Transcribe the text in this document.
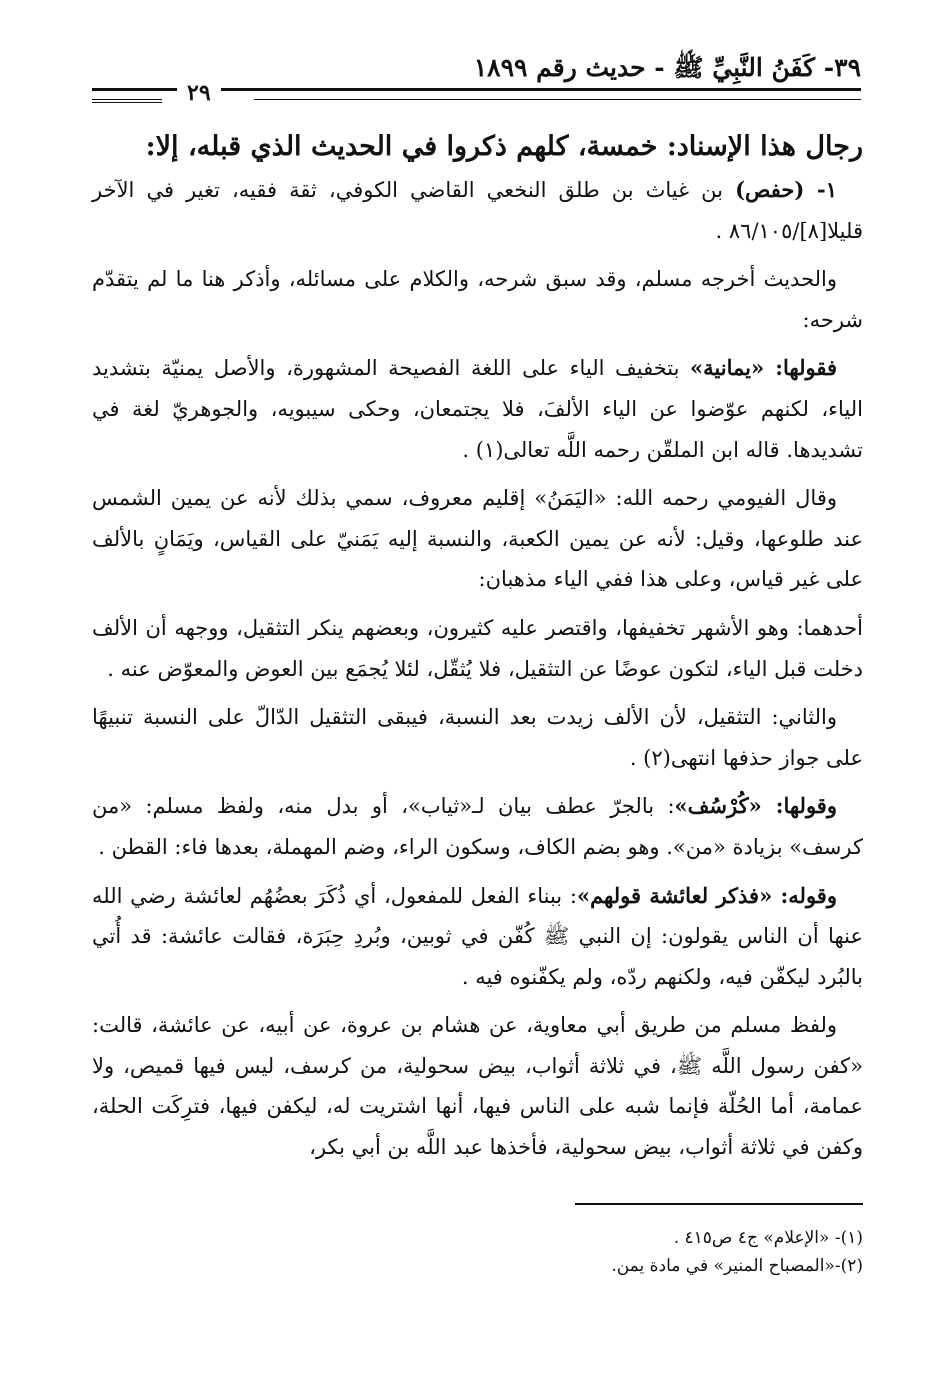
٣٩- كَفَنُ النَّبِيِّ ﷺ - حديث رقم ١٨٩٩
٢٩

رجال هذا الإسناد: خمسة، كلهم ذكروا في الحديث الذي قبله، إلا:

١- (حفص) بن غياث بن طلق النخعي القاضي الكوفي، ثقة فقيه، تغير في الآخر قليلا[٨]/٨٦/١٠٥ .

والحديث أخرجه مسلم، وقد سبق شرحه، والكلام على مسائله، وأذكر هنا ما لم يتقدّم شرحه:

فقولها: «يمانية» بتخفيف الياء على اللغة الفصيحة المشهورة، والأصل يمنيّة بتشديد الياء، لكنهم عوّضوا عن الياء الألفَ، فلا يجتمعان، وحكى سيبويه، والجوهريّ لغة في تشديدها. قاله ابن الملقّن رحمه اللَّه تعالى(١) .

وقال الفيومي رحمه الله: «اليَمَنُ» إقليم معروف، سمي بذلك لأنه عن يمين الشمس عند طلوعها، وقيل: لأنه عن يمين الكعبة، والنسبة إليه يَمَنيّ على القياس، ويَمَانٍ بالألف على غير قياس، وعلى هذا ففي الياء مذهبان:

أحدهما: وهو الأشهر تخفيفها، واقتصر عليه كثيرون، وبعضهم ينكر التثقيل، ووجهه أن الألف دخلت قبل الياء، لتكون عوضًا عن التثقيل، فلا يُثقّل، لئلا يُجمَع بين العوض والمعوّض عنه .

والثاني: التثقيل، لأن الألف زيدت بعد النسبة، فيبقى التثقيل الدّالّ على النسبة تنبيهًا على جواز حذفها انتهى(٢) .

وقولها: «كُرْسُف»: بالجرّ عطف بيان لـ«ثياب»، أو بدل منه، ولفظ مسلم: «من كرسف» بزيادة «من». وهو بضم الكاف، وسكون الراء، وضم المهملة، بعدها فاء: القطن .

وقوله: «فذكر لعائشة قولهم»: ببناء الفعل للمفعول، أي ذُكَرَ بعضُهُم لعائشة رضي الله عنها أن الناس يقولون: إن النبي ﷺ كُفّن في ثوبين، وبُردِ حِبَرَة، فقالت عائشة: قد أُتي بالبُرد ليكفّن فيه، ولكنهم ردّه، ولم يكفّنوه فيه .

ولفظ مسلم من طريق أبي معاوية، عن هشام بن عروة، عن أبيه، عن عائشة، قالت: «كفن رسول اللَّه ﷺ، في ثلاثة أثواب، بيض سحولية، من كرسف، ليس فيها قميص، ولا عمامة، أما الحُلّة فإنما شبه على الناس فيها، أنها اشتريت له، ليكفن فيها، فترِكَت الحلة، وكفن في ثلاثة أثواب، بيض سحولية، فأخذها عبد اللَّه بن أبي بكر،

(١)- «الإعلام» ج٤ ص٤١٥ .

(٢)-«المصباح المنير» في مادة يمن.
